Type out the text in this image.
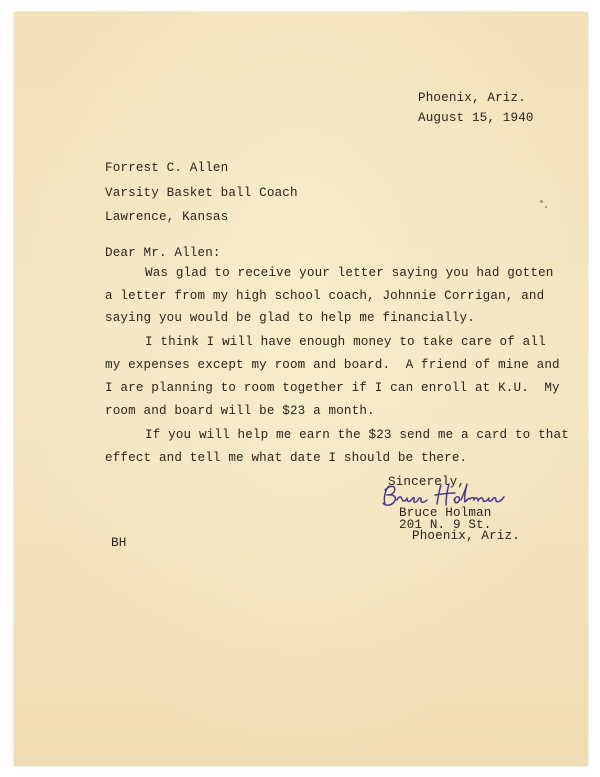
Phoenix, Ariz.
August 15, 1940
Forrest C. Allen
Varsity Basket ball Coach
Lawrence, Kansas
Dear Mr. Allen:
Was glad to receive your letter saying you had gotten
a letter from my high school coach, Johnnie Corrigan, and
saying you would be glad to help me financially.
I think I will have enough money to take care of all
my expenses except my room and board.  A friend of mine and
I are planning to room together if I can enroll at K.U.  My
room and board will be $23 a month.
If you will help me earn the $23 send me a card to that
effect and tell me what date I should be there.
Sincerely,
Bruce Holman
201 N. 9 St.
Phoenix, Ariz.
BH
